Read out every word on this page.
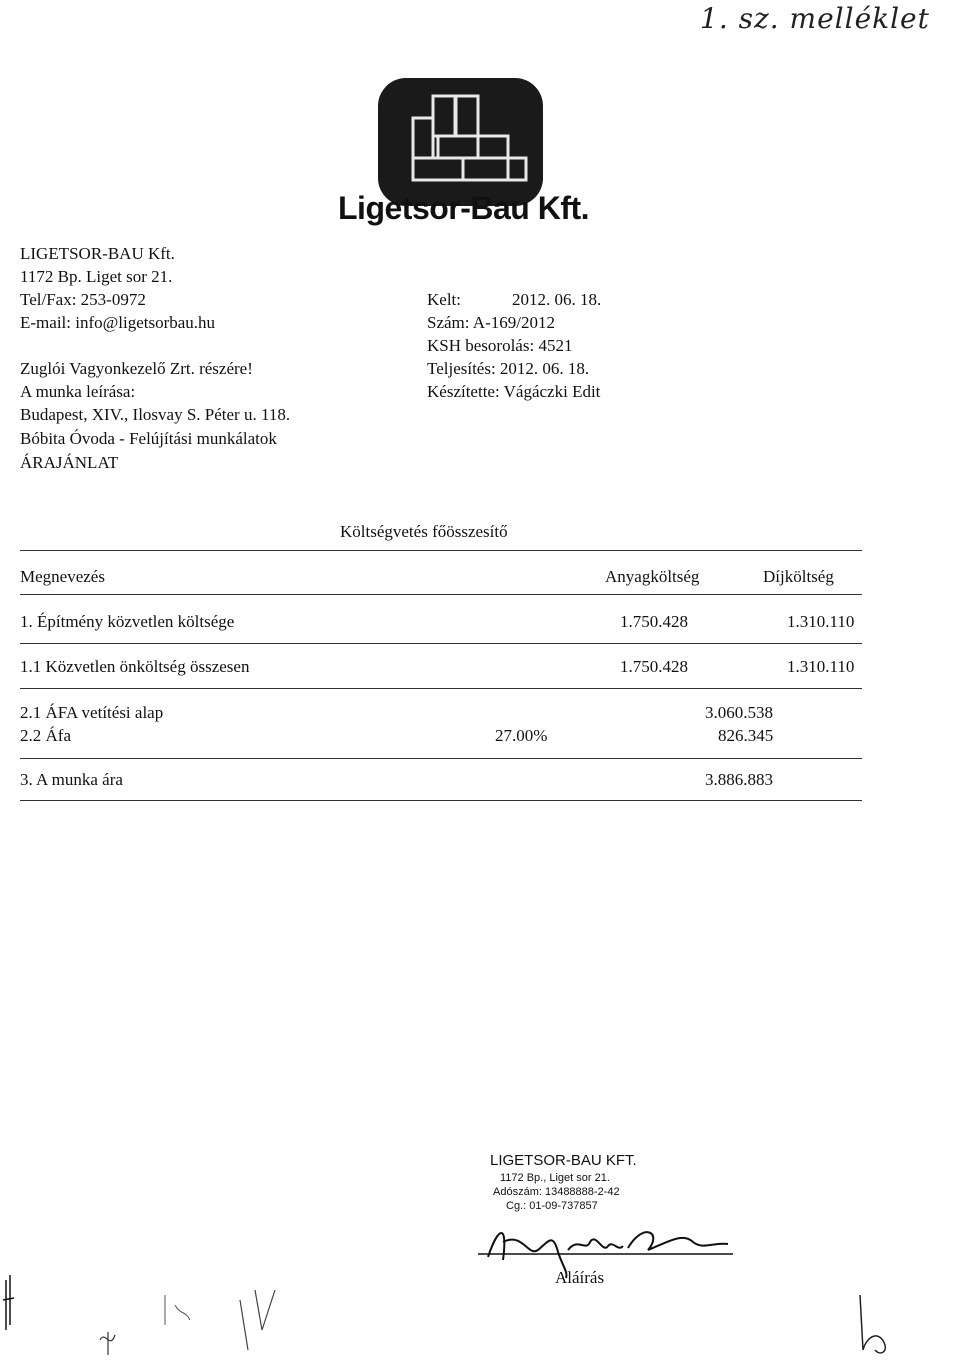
1. sz. melléklet
Ligetsor-Bau Kft.
LIGETSOR-BAU Kft.
1172 Bp. Liget sor 21.
Tel/Fax: 253-0972
E-mail: info@ligetsorbau.hu
Zuglói Vagyonkezelő Zrt. részére!
A munka leírása:
Budapest, XIV., Ilosvay S. Péter u. 118.
Bóbita Óvoda - Felújítási munkálatok
ÁRAJÁNLAT
Kelt:	2012. 06. 18.
Szám: A-169/2012
KSH besorolás: 4521
Teljesítés: 2012. 06. 18.
Készítette: Vágáczki Edit
Költségvetés főösszesítő
Megnevezés	Anyagköltség	Díjköltség
1. Építmény közvetlen költsége	1.750.428	1.310.110
1.1 Közvetlen önköltség összesen	1.750.428	1.310.110
2.1 ÁFA vetítési alap	3.060.538
2.2 Áfa	27.00%	826.345
3. A munka ára	3.886.883
LIGETSOR-BAU KFT.
1172 Bp., Liget sor 21.
Adószám: 13488888-2-42
Cg.: 01-09-737857
Aláírás
